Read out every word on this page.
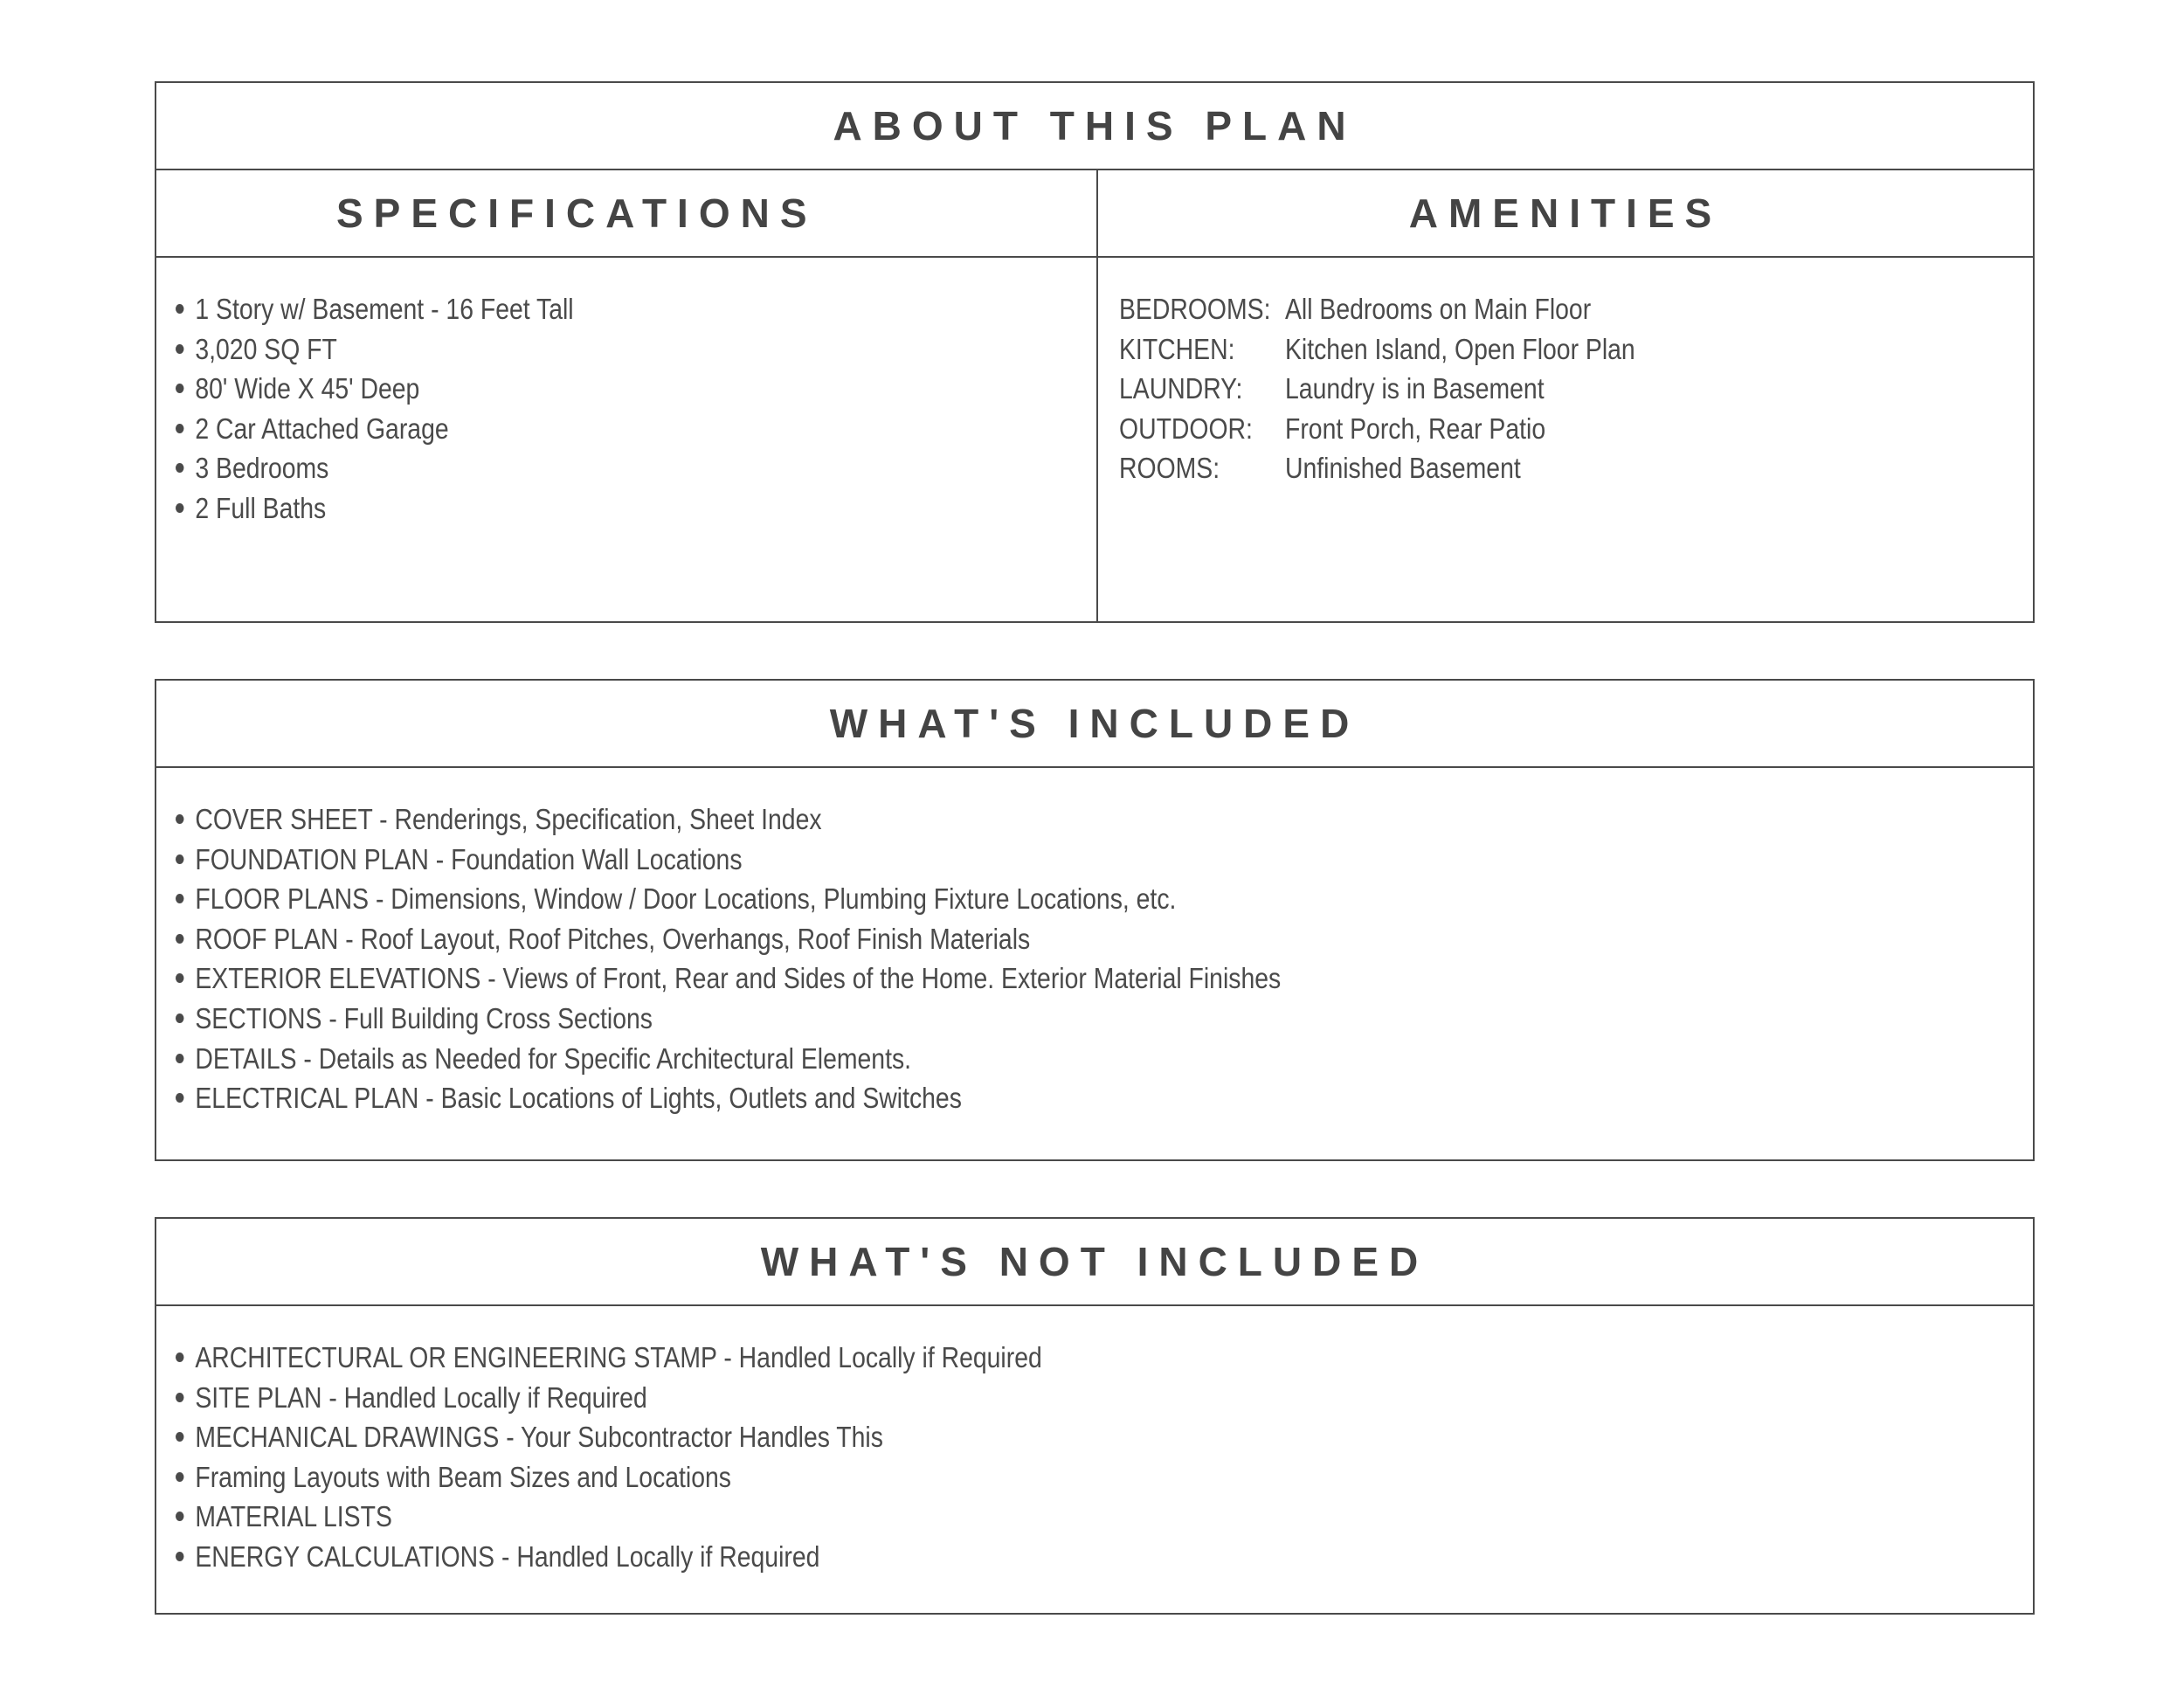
ABOUT THIS PLAN
SPECIFICATIONS
1 Story w/ Basement - 16 Feet Tall
3,020 SQ FT
80' Wide X 45' Deep
2 Car Attached Garage
3 Bedrooms
2 Full Baths
AMENITIES
BEDROOMS: All Bedrooms on Main Floor
KITCHEN:	Kitchen Island, Open Floor Plan
LAUNDRY:	Laundry is in Basement
OUTDOOR:	Front Porch, Rear Patio
ROOMS:	Unfinished Basement
WHAT'S INCLUDED
COVER SHEET - Renderings, Specification, Sheet Index
FOUNDATION PLAN - Foundation Wall Locations
FLOOR PLANS - Dimensions, Window / Door Locations, Plumbing Fixture Locations, etc.
ROOF PLAN - Roof Layout, Roof Pitches, Overhangs, Roof Finish Materials
EXTERIOR ELEVATIONS - Views of Front, Rear and Sides of the Home. Exterior Material Finishes
SECTIONS - Full Building Cross Sections
DETAILS - Details as Needed for Specific Architectural Elements.
ELECTRICAL PLAN - Basic Locations of Lights, Outlets and Switches
WHAT'S NOT INCLUDED
ARCHITECTURAL OR ENGINEERING STAMP - Handled Locally if Required
SITE PLAN - Handled Locally if Required
MECHANICAL DRAWINGS - Your Subcontractor Handles This
Framing Layouts with Beam Sizes and Locations
MATERIAL LISTS
ENERGY CALCULATIONS - Handled Locally if Required
